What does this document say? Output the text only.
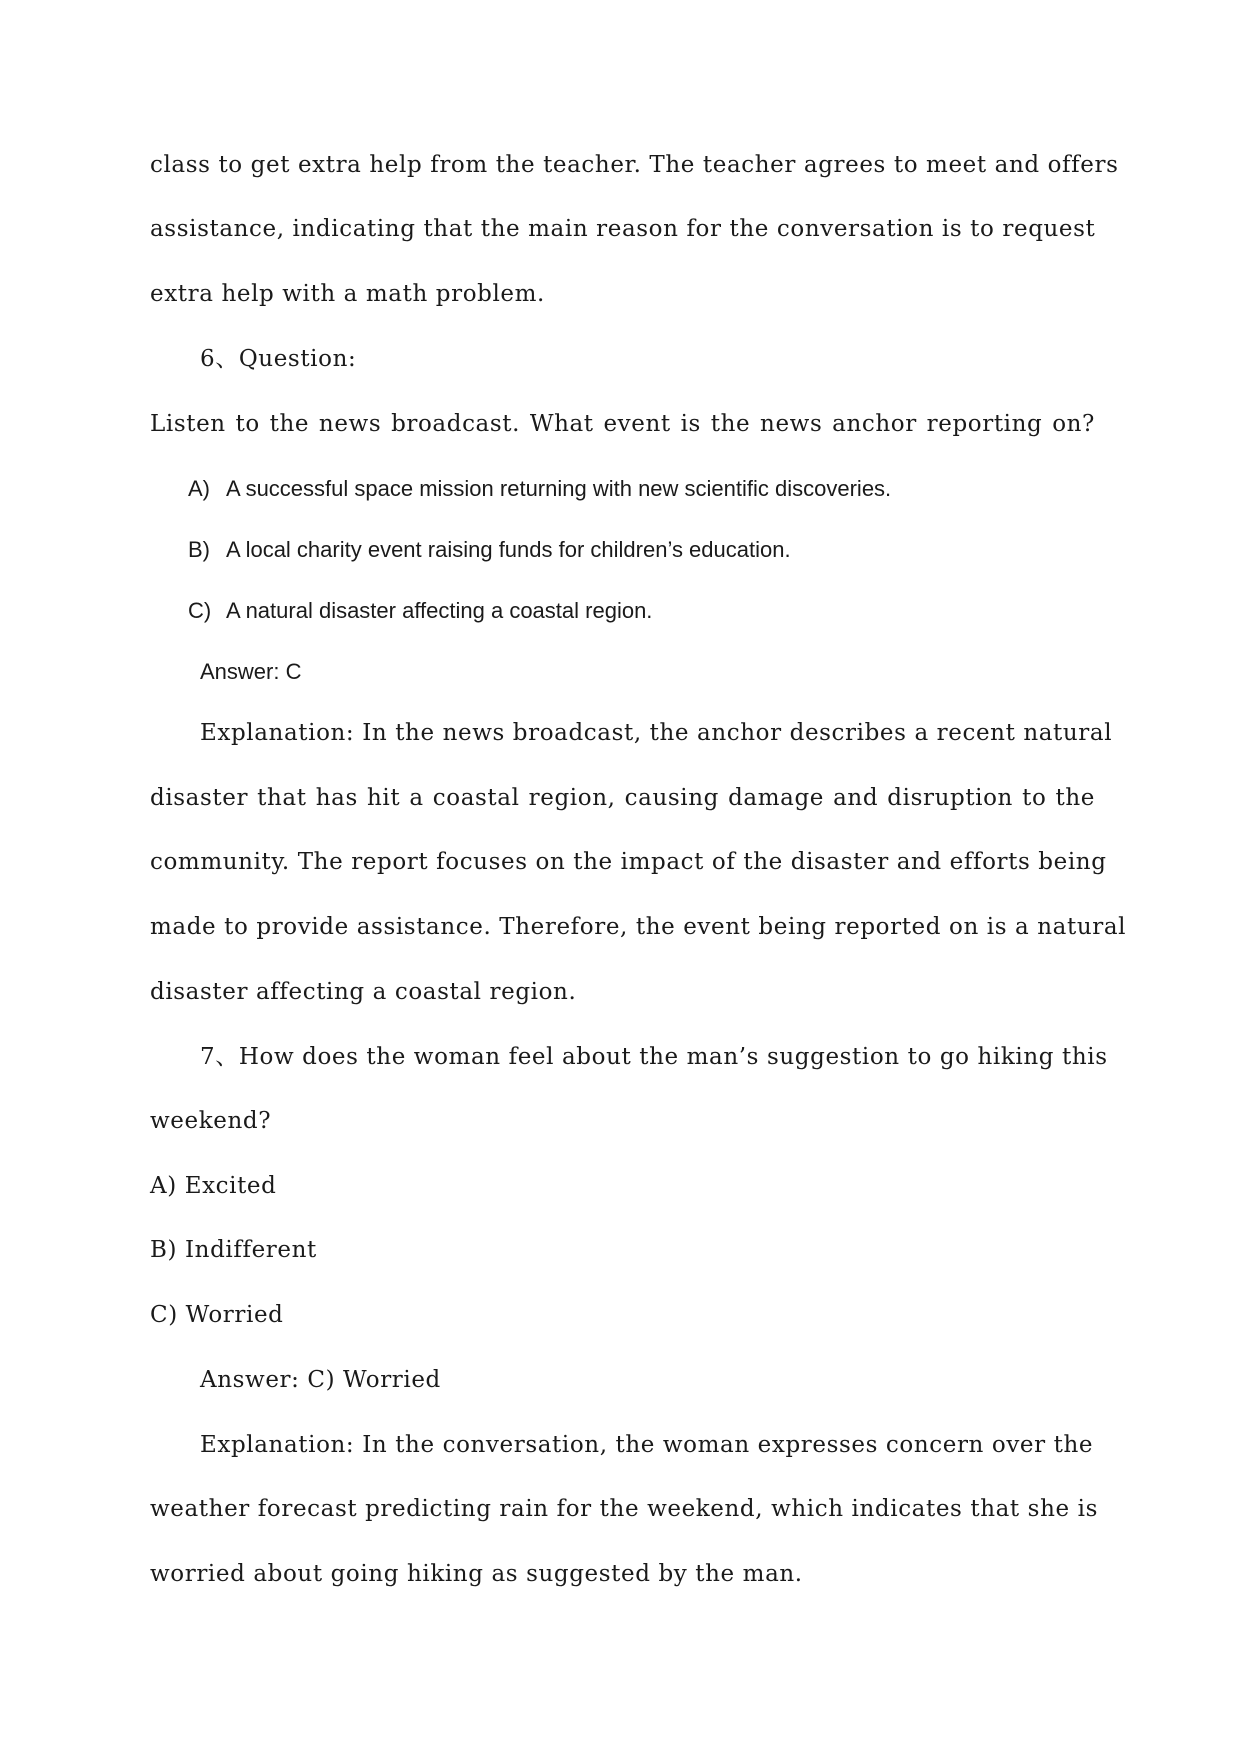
class to get extra help from the teacher. The teacher agrees to meet and offers
assistance, indicating that the main reason for the conversation is to request
extra help with a math problem.
6、Question:
Listen to the news broadcast. What event is the news anchor reporting on?
A) A successful space mission returning with new scientific discoveries.
B) A local charity event raising funds for children’s education.
C) A natural disaster affecting a coastal region.
Answer: C
Explanation: In the news broadcast, the anchor describes a recent natural
disaster that has hit a coastal region, causing damage and disruption to the
community. The report focuses on the impact of the disaster and efforts being
made to provide assistance. Therefore, the event being reported on is a natural
disaster affecting a coastal region.
7、How does the woman feel about the man’s suggestion to go hiking this
weekend?
A) Excited
B) Indifferent
C) Worried
Answer: C) Worried
Explanation: In the conversation, the woman expresses concern over the
weather forecast predicting rain for the weekend, which indicates that she is
worried about going hiking as suggested by the man.
